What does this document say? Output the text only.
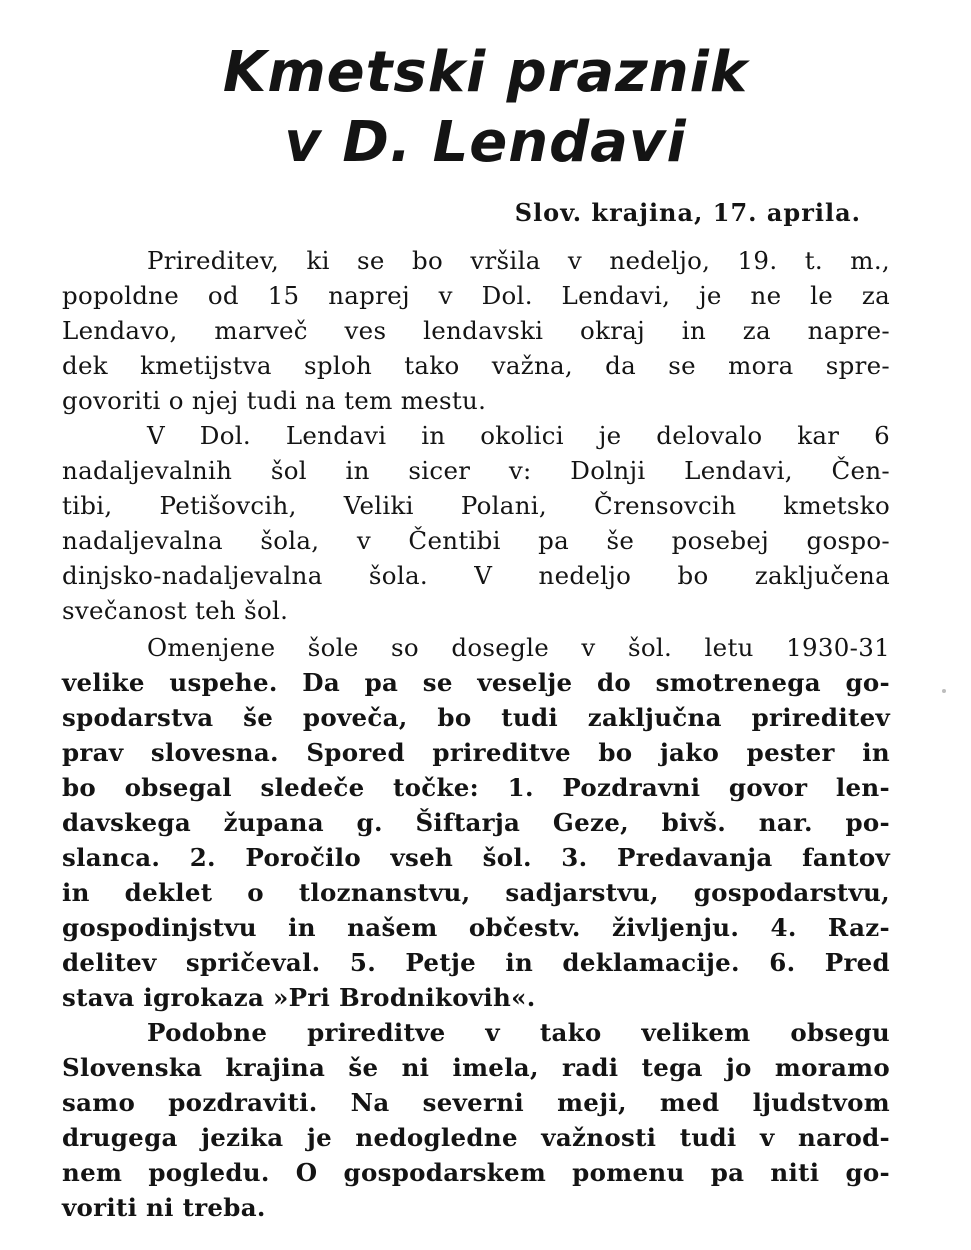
Kmetski praznik
v D. Lendavi
Slov. krajina, 17. aprila.
Prireditev, ki se bo vršila v nedeljo, 19. t. m.,
popoldne od 15 naprej v Dol. Lendavi, je ne le za
Lendavo, marveč ves lendavski okraj in za napre-
dek kmetijstva sploh tako važna, da se mora spre-
govoriti o njej tudi na tem mestu.
V Dol. Lendavi in okolici je delovalo kar 6
nadaljevalnih šol in sicer v: Dolnji Lendavi, Čen-
tibi, Petišovcih, Veliki Polani, Črensovcih kmetsko
nadaljevalna šola, v Čentibi pa še posebej gospo-
dinjsko-nadaljevalna šola. V nedeljo bo zaključena
svečanost teh šol.
Omenjene šole so dosegle v šol. letu 1930-31
velike uspehe. Da pa se veselje do smotrenega go-
spodarstva še poveča, bo tudi zaključna prireditev
prav slovesna. Spored prireditve bo jako pester in
bo obsegal sledeče točke: 1. Pozdravni govor len-
davskega župana g. Šiftarja Geze, bivš. nar. po-
slanca. 2. Poročilo vseh šol. 3. Predavanja fantov
in deklet o tloznanstvu, sadjarstvu, gospodarstvu,
gospodinjstvu in našem občestv. življenju. 4. Raz-
delitev spričeval. 5. Petje in deklamacije. 6. Pred
stava igrokaza »Pri Brodnikovih«.
Podobne prireditve v tako velikem obsegu
Slovenska krajina še ni imela, radi tega jo moramo
samo pozdraviti. Na severni meji, med ljudstvom
drugega jezika je nedogledne važnosti tudi v narod-
nem pogledu. O gospodarskem pomenu pa niti go-
voriti ni treba.
